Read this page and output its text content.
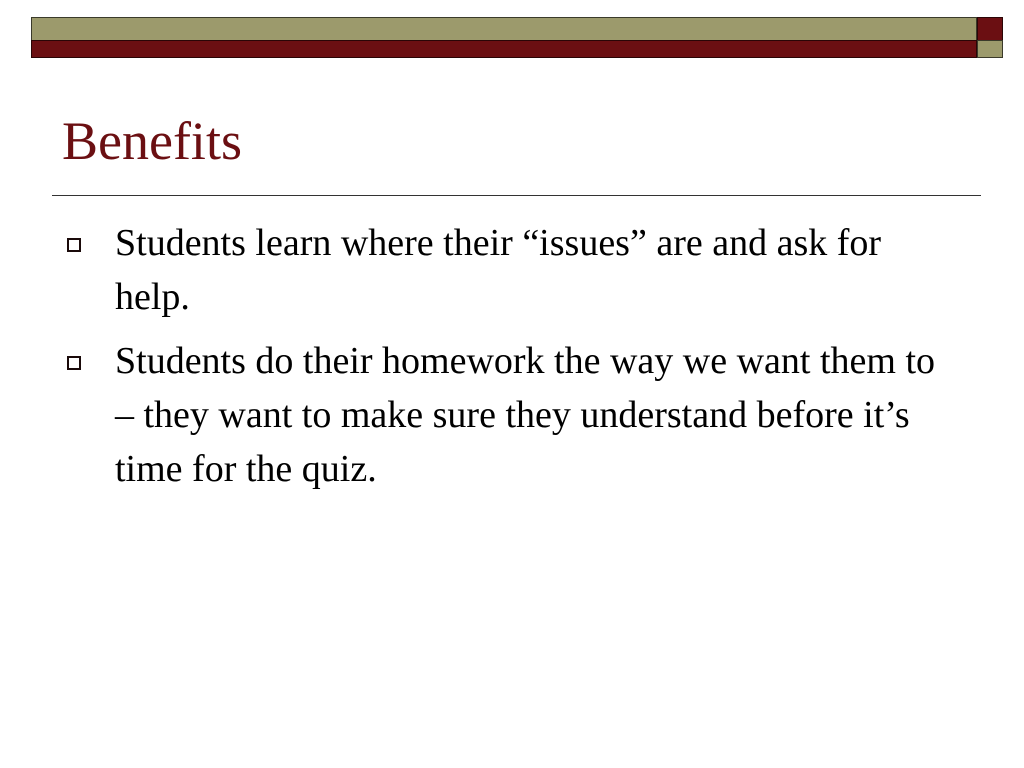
Benefits
Students learn where their “issues” are and ask for help.
Students do their homework the way we want them to – they want to make sure they understand before it’s time for the quiz.
